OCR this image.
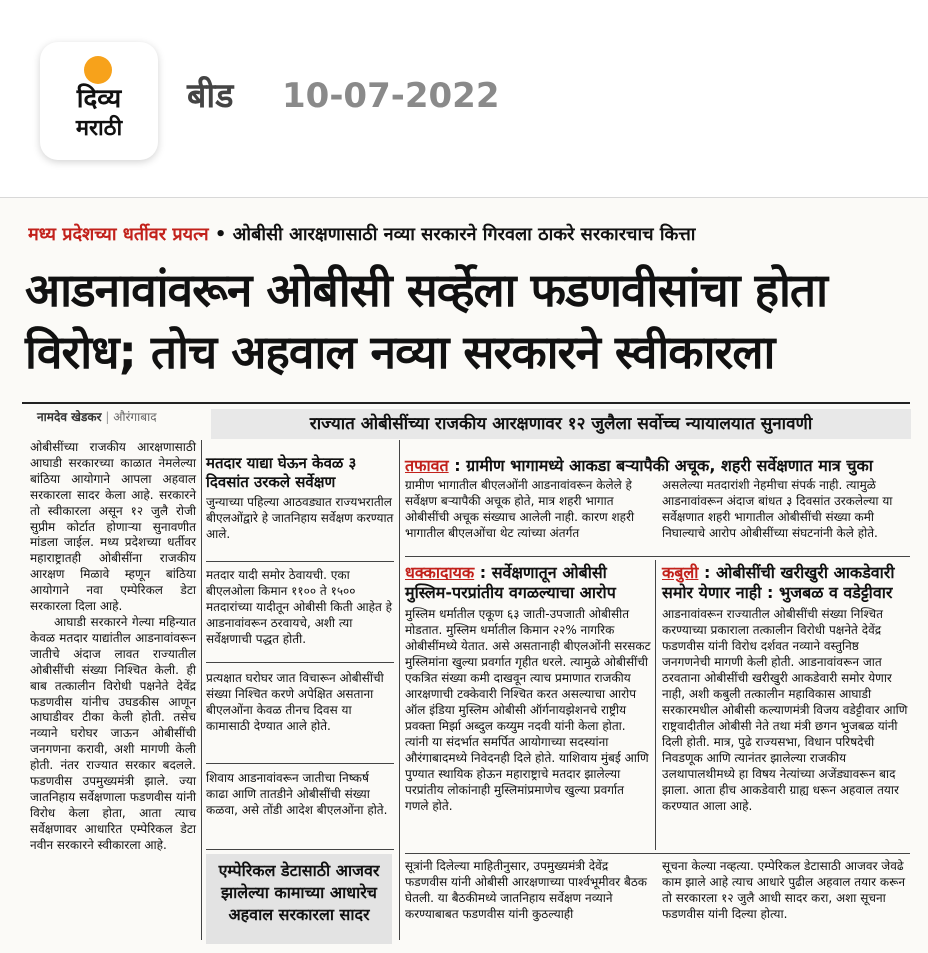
दिव्य
मराठी
बीड 10-07-2022
मध्य प्रदेशच्या धर्तीवर प्रयत्न • ओबीसी आरक्षणासाठी नव्या सरकारने गिरवला ठाकरे सरकारचाच कित्ता
आडनावांवरून ओबीसी सर्व्हेला फडणवीसांचा होता
विरोध; तोच अहवाल नव्या सरकारने स्वीकारला
नामदेव खेडकर | औरंगाबाद	राज्यात ओबीसींच्या राजकीय आरक्षणावर १२ जुलैला सर्वोच्च न्यायालयात सुनावणी

ओबीसींच्या राजकीय आरक्षणासाठी आघाडी सरकारच्या काळात नेमलेल्या बांठिया आयोगाने आपला अहवाल सरकारला सादर केला आहे. सरकारने तो स्वीकारला असून १२ जुलै रोजी सुप्रीम कोर्टात होणाऱ्या सुनावणीत मांडला जाईल. मध्य प्रदेशच्या धर्तीवर महाराष्ट्रातही ओबीसींना राजकीय आरक्षण मिळावे म्हणून बांठिया आयोगाने नवा एम्पेरिकल डेटा सरकारला दिला आहे.

आघाडी सरकारने गेल्या महिन्यात केवळ मतदार याद्यांतील आडनावांवरून जातीचे अंदाज लावत राज्यातील ओबीसींची संख्या निश्चित केली. ही बाब तत्कालीन विरोधी पक्षनेते देवेंद्र फडणवीस यांनीच उघडकीस आणून आघाडीवर टीका केली होती. तसेच नव्याने घरोघर जाऊन ओबीसींची जनगणना करावी, अशी मागणी केली होती. नंतर राज्यात सरकार बदलले. फडणवीस उपमुख्यमंत्री झाले. ज्या जातनिहाय सर्वेक्षणाला फडणवीस यांनी विरोध केला होता, आता त्याच सर्वेक्षणावर आधारित एम्पेरिकल डेटा नवीन सरकारने स्वीकारला आहे.

मतदार याद्या घेऊन केवळ ३ दिवसांत उरकले सर्वेक्षण
जुन्याच्या पहिल्या आठवड्यात राज्यभरातील बीएलओंद्वारे हे जातनिहाय सर्वेक्षण करण्यात आले.
मतदार यादी समोर ठेवायची. एका बीएलओला किमान ११०० ते १५०० मतदारांच्या यादीतून ओबीसी किती आहेत हे आडनावांवरून ठरवायचे, अशी त्या सर्वेक्षणाची पद्धत होती.
प्रत्यक्षात घरोघर जात विचारून ओबीसींची संख्या निश्चित करणे अपेक्षित असताना बीएलओंना केवळ तीनच दिवस या कामासाठी देण्यात आले होते.
शिवाय आडनावांवरून जातीचा निष्कर्ष काढा आणि तातडीने ओबीसींची संख्या कळवा, असे तोंडी आदेश बीएलओंना होते.
एम्पेरिकल डेटासाठी आजवर झालेल्या कामाच्या आधारेच अहवाल सरकारला सादर
तफावत : ग्रामीण भागामध्ये आकडा बऱ्यापैकी अचूक, शहरी सर्वेक्षणात मात्र चुका
ग्रामीण भागातील बीएलओंनी आडनावांवरून केलेले हे सर्वेक्षण बऱ्यापैकी अचूक होते, मात्र शहरी भागात ओबीसींची अचूक संख्याच आलेली नाही. कारण शहरी भागातील बीएलओंचा थेट त्यांच्या अंतर्गत
असलेल्या मतदारांशी नेहमीचा संपर्क नाही. त्यामुळे आडनावांवरून अंदाज बांधत ३ दिवसांत उरकलेल्या या सर्वेक्षणात शहरी भागातील ओबीसींची संख्या कमी निघाल्याचे आरोप ओबीसींच्या संघटनांनी केले होते.
धक्कादायक : सर्वेक्षणातून ओबीसी मुस्लिम-परप्रांतीय वगळल्याचा आरोप
मुस्लिम धर्मातील एकूण ६३ जाती-उपजाती ओबीसीत मोडतात. मुस्लिम धर्मातील किमान २२% नागरिक ओबीसींमध्ये येतात. असे असतानाही बीएलओंनी सरसकट मुस्लिमांना खुल्या प्रवर्गात गृहीत धरले. त्यामुळे ओबीसींची एकत्रित संख्या कमी दाखवून त्याच प्रमाणात राजकीय आरक्षणाची टक्केवारी निश्चित करत असल्याचा आरोप ऑल इंडिया मुस्लिम ओबीसी ऑर्गनायझेशनचे राष्ट्रीय प्रवक्ता मिर्झा अब्दुल कय्युम नदवी यांनी केला होता. त्यांनी या संदर्भात समर्पित आयोगाच्या सदस्यांना औरंगाबादमध्ये निवेदनही दिले होते. याशिवाय मुंबई आणि पुण्यात स्थायिक होऊन महाराष्ट्राचे मतदार झालेल्या परप्रांतीय लोकांनाही मुस्लिमांप्रमाणेच खुल्या प्रवर्गात गणले होते.
कबुली : ओबीसींची खरीखुरी आकडेवारी समोर येणार नाही : भुजबळ व वडेट्टीवार
आडनावांवरून राज्यातील ओबीसींची संख्या निश्चित करण्याच्या प्रकाराला तत्कालीन विरोधी पक्षनेते देवेंद्र फडणवीस यांनी विरोध दर्शवत नव्याने वस्तुनिष्ठ जनगणनेची मागणी केली होती. आडनावांवरून जात ठरवताना ओबीसींची खरीखुरी आकडेवारी समोर येणार नाही, अशी कबुली तत्कालीन महाविकास आघाडी सरकारमधील ओबीसी कल्याणमंत्री विजय वडेट्टीवार आणि राष्ट्रवादीतील ओबीसी नेते तथा मंत्री छगन भुजबळ यांनी दिली होती. मात्र, पुढे राज्यसभा, विधान परिषदेची निवडणूक आणि त्यानंतर झालेल्या राजकीय उलथापालथीमध्ये हा विषय नेत्यांच्या अजेंड्यावरून बाद झाला. आता हीच आकडेवारी ग्राह्य धरून अहवाल तयार करण्यात आला आहे.
सूत्रांनी दिलेल्या माहितीनुसार, उपमुख्यमंत्री देवेंद्र फडणवीस यांनी ओबीसी आरक्षणाच्या पार्श्वभूमीवर बैठक घेतली. या बैठकीमध्ये जातनिहाय सर्वेक्षण नव्याने करण्याबाबत फडणवीस यांनी कुठल्याही
सूचना केल्या नव्हत्या. एम्पेरिकल डेटासाठी आजवर जेवढे काम झाले आहे त्याच आधारे पुढील अहवाल तयार करून तो सरकारला १२ जुलै आधी सादर करा, अशा सूचना फडणवीस यांनी दिल्या होत्या.
